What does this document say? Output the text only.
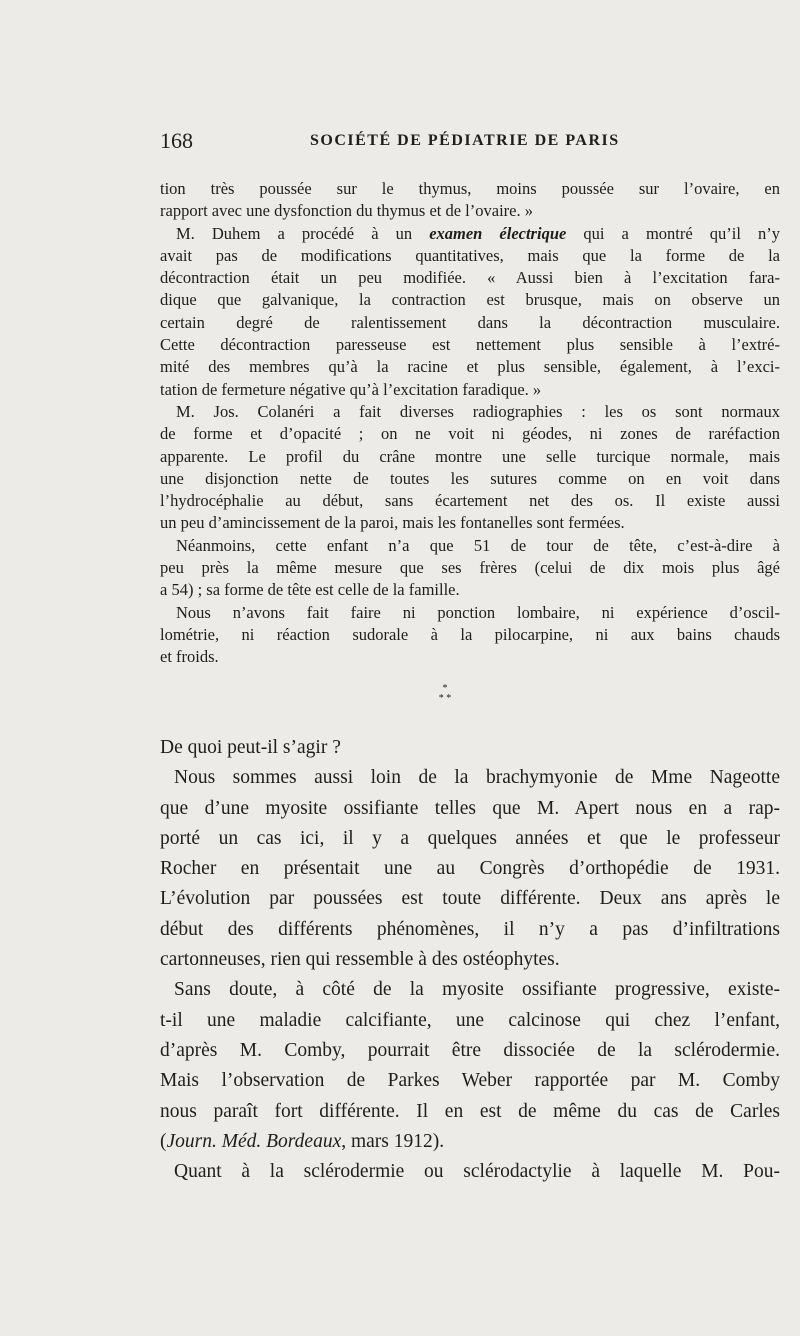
168	SOCIÉTÉ DE PÉDIATRIE DE PARIS

tion très poussée sur le thymus, moins poussée sur l’ovaire, en

rapport avec une dysfonction du thymus et de l’ovaire. »

M. Duhem a procédé à un examen électrique qui a montré qu’il n’y

avait pas de modifications quantitatives, mais que la forme de la

décontraction était un peu modifiée. « Aussi bien à l’excitation fara-

dique que galvanique, la contraction est brusque, mais on observe un

certain degré de ralentissement dans la décontraction musculaire.

Cette décontraction paresseuse est nettement plus sensible à l’extré-

mité des membres qu’à la racine et plus sensible, également, à l’exci-

tation de fermeture négative qu’à l’excitation faradique. »

M. Jos. Colanéri a fait diverses radiographies : les os sont normaux

de forme et d’opacité ; on ne voit ni géodes, ni zones de raréfaction

apparente. Le profil du crâne montre une selle turcique normale, mais

une disjonction nette de toutes les sutures comme on en voit dans

l’hydrocéphalie au début, sans écartement net des os. Il existe aussi

un peu d’amincissement de la paroi, mais les fontanelles sont fermées.

Néanmoins, cette enfant n’a que 51 de tour de tête, c’est-à-dire à

peu près la même mesure que ses frères (celui de dix mois plus âgé

a 54) ; sa forme de tête est celle de la famille.

Nous n’avons fait faire ni ponction lombaire, ni expérience d’oscil-

lométrie, ni réaction sudorale à la pilocarpine, ni aux bains chauds

et froids.

*
* *

De quoi peut-il s’agir ?

Nous sommes aussi loin de la brachymyonie de Mme Nageotte

que d’une myosite ossifiante telles que M. Apert nous en a rap-

porté un cas ici, il y a quelques années et que le professeur

Rocher en présentait une au Congrès d’orthopédie de 1931.

L’évolution par poussées est toute différente. Deux ans après le

début des différents phénomènes, il n’y a pas d’infiltrations

cartonneuses, rien qui ressemble à des ostéophytes.

Sans doute, à côté de la myosite ossifiante progressive, existe-

t-il une maladie calcifiante, une calcinose qui chez l’enfant,

d’après M. Comby, pourrait être dissociée de la sclérodermie.

Mais l’observation de Parkes Weber rapportée par M. Comby

nous paraît fort différente. Il en est de même du cas de Carles

(Journ. Méd. Bordeaux, mars 1912).

Quant à la sclérodermie ou sclérodactylie à laquelle M. Pou-
